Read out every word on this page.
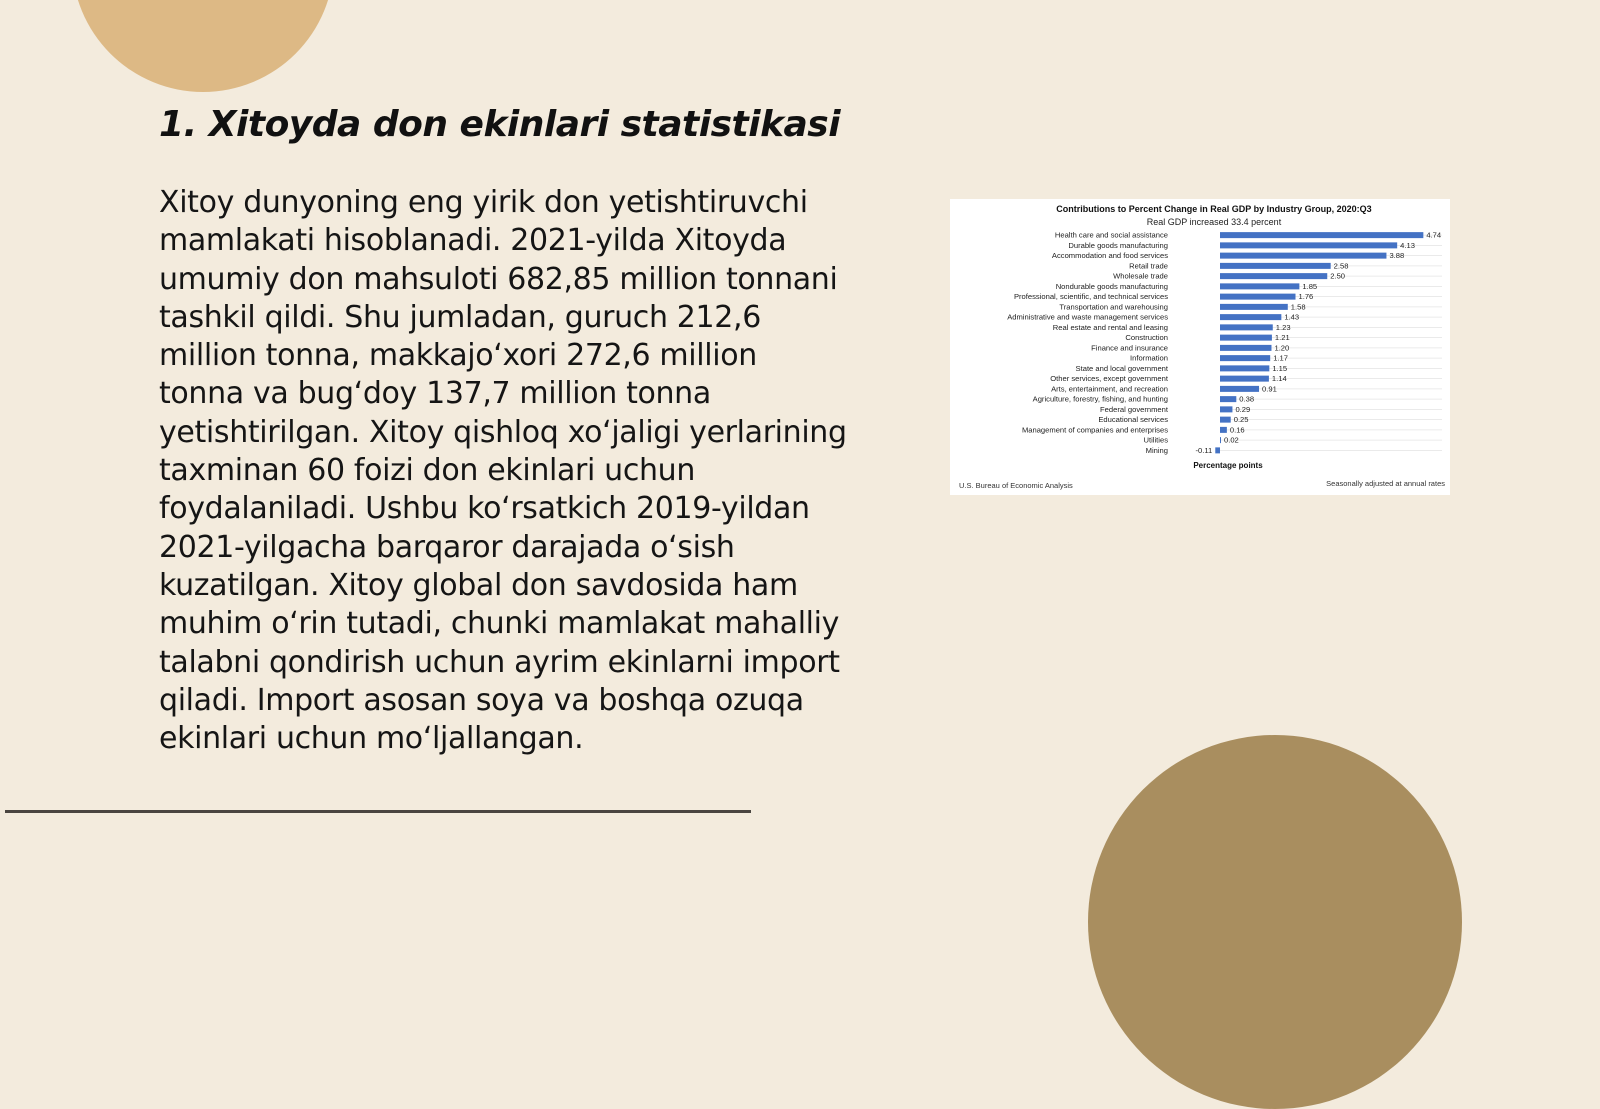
1. Xitoyda don ekinlari statistikasi

Xitoy dunyoning eng yirik don yetishtiruvchi mamlakati hisoblanadi. 2021-yilda Xitoyda umumiy don mahsuloti 682,85 million tonnani tashkil qildi. Shu jumladan, guruch 212,6 million tonna, makkajo‘xori 272,6 million tonna va bug‘doy 137,7 million tonna yetishtirilgan. Xitoy qishloq xo‘jaligi yerlarining taxminan 60 foizi don ekinlari uchun foydalaniladi. Ushbu ko‘rsatkich 2019-yildan 2021-yilgacha barqaror darajada o‘sish kuzatilgan. Xitoy global don savdosida ham muhim o‘rin tutadi, chunki mamlakat mahalliy talabni qondirish uchun ayrim ekinlarni import qiladi. Import asosan soya va boshqa ozuqa ekinlari uchun mo‘ljallangan.

Contributions to Percent Change in Real GDP by Industry Group, 2020:Q3
Real GDP increased 33.4 percent
Health care and social assistance	4.74
Durable goods manufacturing	4.13
Accommodation and food services	3.88
Retail trade	2.58
Wholesale trade	2.50
Nondurable goods manufacturing	1.85
Professional, scientific, and technical services	1.76
Transportation and warehousing	1.58
Administrative and waste management services	1.43
Real estate and rental and leasing	1.23
Construction	1.21
Finance and insurance	1.20
Information	1.17
State and local government	1.15
Other services, except government	1.14
Arts, entertainment, and recreation	0.91
Agriculture, forestry, fishing, and hunting	0.38
Federal government	0.29
Educational services	0.25
Management of companies and enterprises	0.16
Utilities	0.02
Mining	-0.11
Percentage points
U.S. Bureau of Economic Analysis	Seasonally adjusted at annual rates
